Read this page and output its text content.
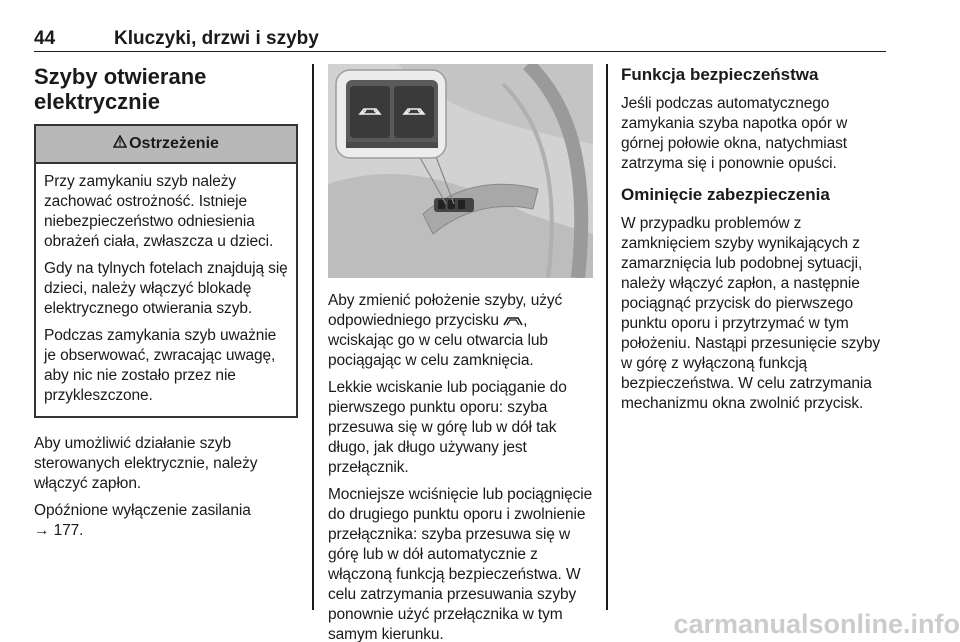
44	Kluczyki, drzwi i szyby
Szyby otwierane
elektrycznie
Ostrzeżenie

Przy zamykaniu szyb należy zachować ostrożność. Istnieje niebezpieczeństwo odniesienia obrażeń ciała, zwłaszcza u dzieci.

Gdy na tylnych fotelach znajdują się dzieci, należy włączyć blokadę elektrycznego otwierania szyb.

Podczas zamykania szyb uważnie je obserwować, zwracając uwagę, aby nic nie zostało przez nie przykleszczone.

Aby umożliwić działanie szyb sterowanych elektrycznie, należy włączyć zapłon.

Opóźnione wyłączenie zasilania
→ 177.

Aby zmienić położenie szyby, użyć odpowiedniego przycisku , wciskając go w celu otwarcia lub pociągając w celu zamknięcia.

Lekkie wciskanie lub pociąganie do pierwszego punktu oporu: szyba przesuwa się w górę lub w dół tak długo, jak długo używany jest przełącznik.

Mocniejsze wciśnięcie lub pociągnięcie do drugiego punktu oporu i zwolnienie przełącznika: szyba przesuwa się w górę lub w dół automatycznie z włączoną funkcją bezpieczeństwa. W celu zatrzymania przesuwania szyby ponownie użyć przełącznika w tym samym kierunku.

Funkcja bezpieczeństwa

Jeśli podczas automatycznego zamykania szyba napotka opór w górnej połowie okna, natychmiast zatrzyma się i ponownie opuści.

Ominięcie zabezpieczenia

W przypadku problemów z zamknięciem szyby wynikających z zamarznięcia lub podobnej sytuacji, należy włączyć zapłon, a następnie pociągnąć przycisk do pierwszego punktu oporu i przytrzymać w tym położeniu. Nastąpi przesunięcie szyby w górę z wyłączoną funkcją bezpieczeństwa. W celu zatrzymania mechanizmu okna zwolnić przycisk.

carmanualsonline.info
